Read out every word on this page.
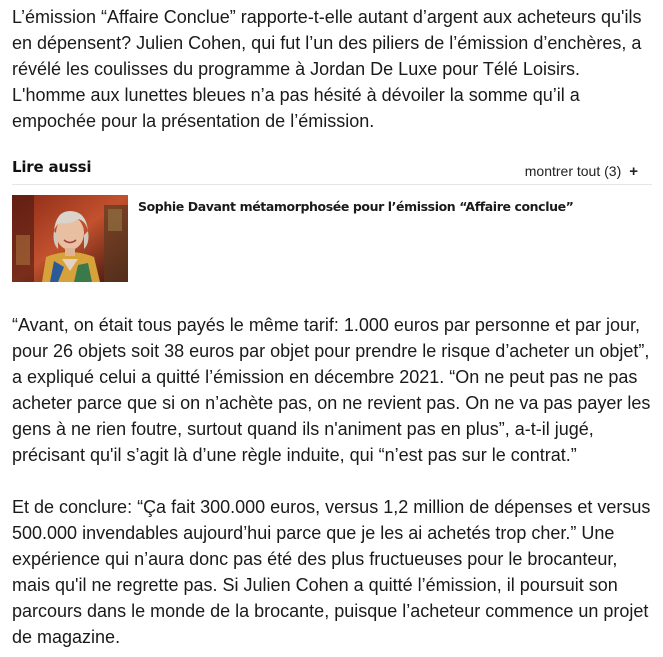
L’émission “Affaire Conclue” rapporte-t-elle autant d’argent aux acheteurs qu'ils en dépensent? Julien Cohen, qui fut l’un des piliers de l’émission d’enchères, a révélé les coulisses du programme à Jordan De Luxe pour Télé Loisirs. L'homme aux lunettes bleues n’a pas hésité à dévoiler la somme qu’il a empochée pour la présentation de l’émission.

Lire aussi	montrer tout (3) +
Sophie Davant métamorphosée pour l’émission “Affaire conclue”

“Avant, on était tous payés le même tarif: 1.000 euros par personne et par jour, pour 26 objets soit 38 euros par objet pour prendre le risque d’acheter un objet”, a expliqué celui a quitté l’émission en décembre 2021. “On ne peut pas ne pas acheter parce que si on n’achète pas, on ne revient pas. On ne va pas payer les gens à ne rien foutre, surtout quand ils n'animent pas en plus”, a-t-il jugé, précisant qu'il s’agit là d’une règle induite, qui “n’est pas sur le contrat.”

Et de conclure: “Ça fait 300.000 euros, versus 1,2 million de dépenses et versus 500.000 invendables aujourd’hui parce que je les ai achetés trop cher.” Une expérience qui n’aura donc pas été des plus fructueuses pour le brocanteur, mais qu'il ne regrette pas. Si Julien Cohen a quitté l’émission, il poursuit son parcours dans le monde de la brocante, puisque l’acheteur commence un projet de magazine.
